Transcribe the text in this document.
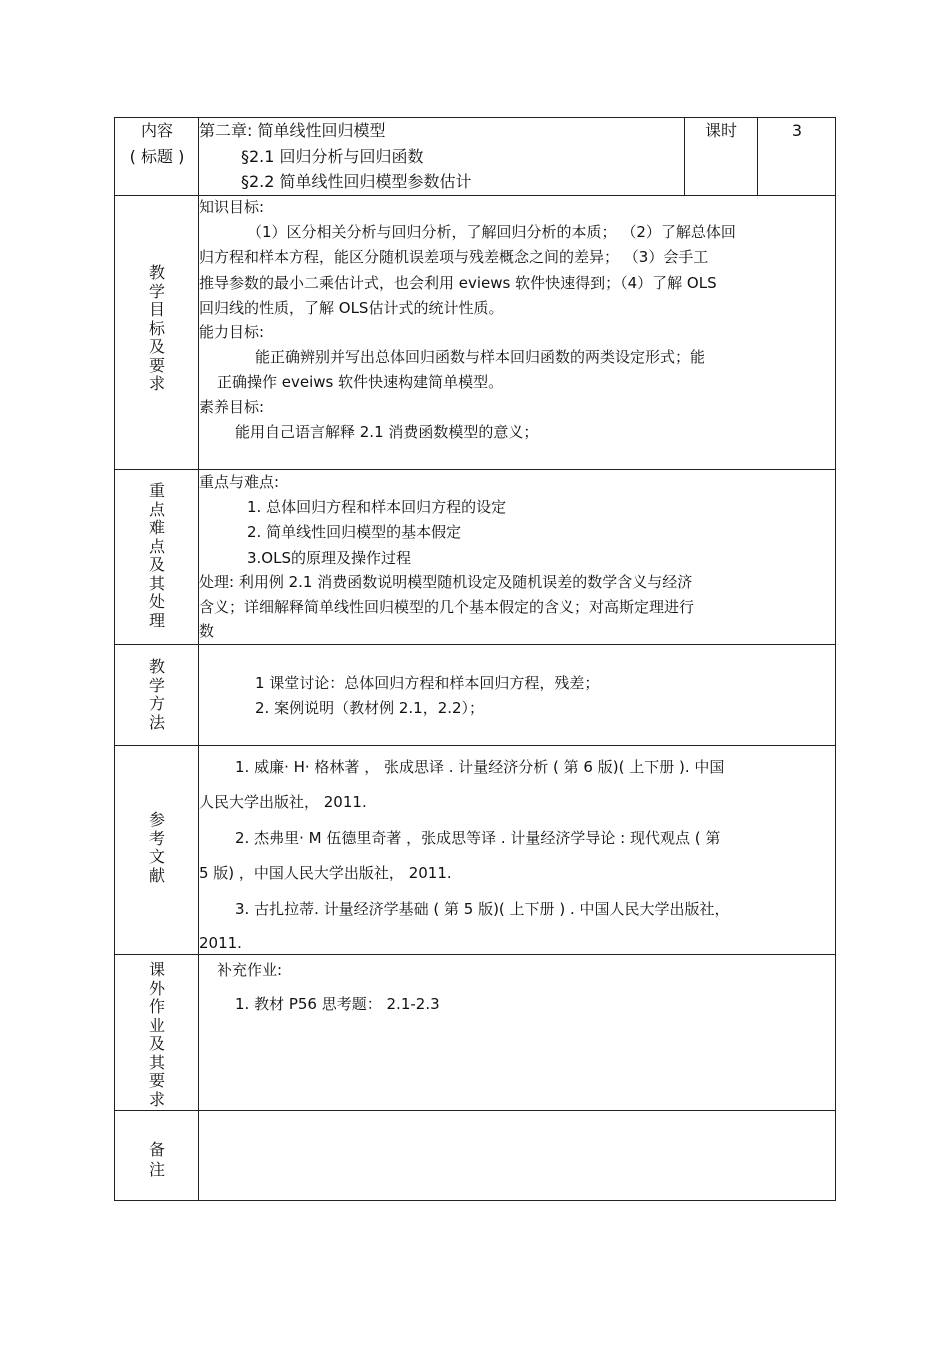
内容
( 标题 )
第二章: 简单线性回归模型
§2.1 回归分析与回归函数
§2.2 简单线性回归模型参数估计
课时	3
教
学
目
标
及
要
求
知识目标:
（1）区分相关分析与回归分析，了解回归分析的本质； （2）了解总体回
归方程和样本方程，能区分随机误差项与残差概念之间的差异； （3）会手工
推导参数的最小二乘估计式，也会利用 eviews 软件快速得到；（4）了解 OLS
回归线的性质，了解 OLS估计式的统计性质。
能力目标:
能正确辨别并写出总体回归函数与样本回归函数的两类设定形式；能
正确操作 eveiws 软件快速构建简单模型。
素养目标:
能用自己语言解释 2.1 消费函数模型的意义；
重
点
难
点
及
其
处
理
重点与难点:
1. 总体回归方程和样本回归方程的设定
2. 简单线性回归模型的基本假定
3.OLS的原理及操作过程
处理: 利用例 2.1 消费函数说明模型随机设定及随机误差的数学含义与经济
含义；详细解释简单线性回归模型的几个基本假定的含义；对高斯定理进行
数
教
学
方
法
1 课堂讨论：总体回归方程和样本回归方程，残差；
2. 案例说明（教材例 2.1，2.2）；
参
考
文
献
1. 威廉· H· 格林著 ， 张成思译 . 计量经济分析 ( 第 6 版)( 上下册 ). 中国
人民大学出版社， 2011.
2. 杰弗里· M 伍德里奇著 ，张成思等译 . 计量经济学导论 : 现代观点 ( 第
5 版) ，中国人民大学出版社， 2011.
3. 古扎拉蒂. 计量经济学基础 ( 第 5 版)( 上下册 ) . 中国人民大学出版社，
2011.
课
外
作
业
及
其
要
求
补充作业:
1. 教材 P56 思考题： 2.1-2.3
备
注
